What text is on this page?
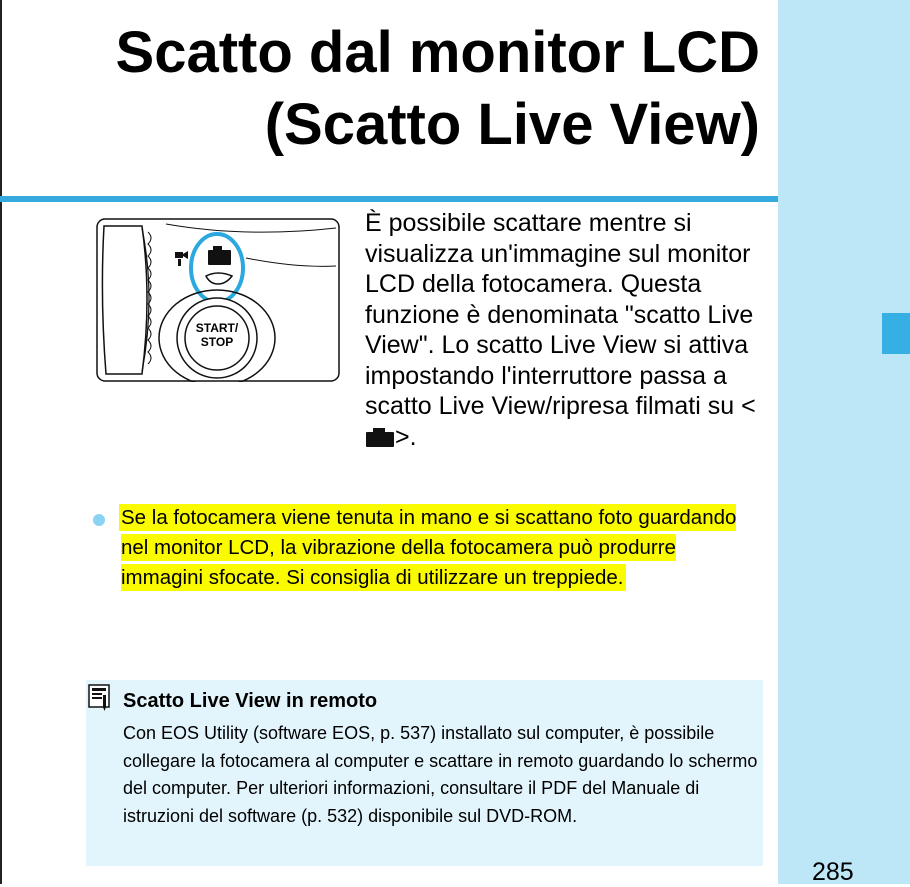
Scatto dal monitor LCD
(Scatto Live View)
START/
STOP

È possibile scattare mentre si visualizza un'immagine sul monitor LCD della fotocamera. Questa funzione è denominata "scatto Live View". Lo scatto Live View si attiva impostando l'interruttore passa a scatto Live View/ripresa filmati su <>.

Se la fotocamera viene tenuta in mano e si scattano foto guardando nel monitor LCD, la vibrazione della fotocamera può produrre immagini sfocate. Si consiglia di utilizzare un treppiede.

Scatto Live View in remoto

Con EOS Utility (software EOS, p. 537) installato sul computer, è possibile collegare la fotocamera al computer e scattare in remoto guardando lo schermo del computer. Per ulteriori informazioni, consultare il PDF del Manuale di istruzioni del software (p. 532) disponibile sul DVD-ROM.

285
